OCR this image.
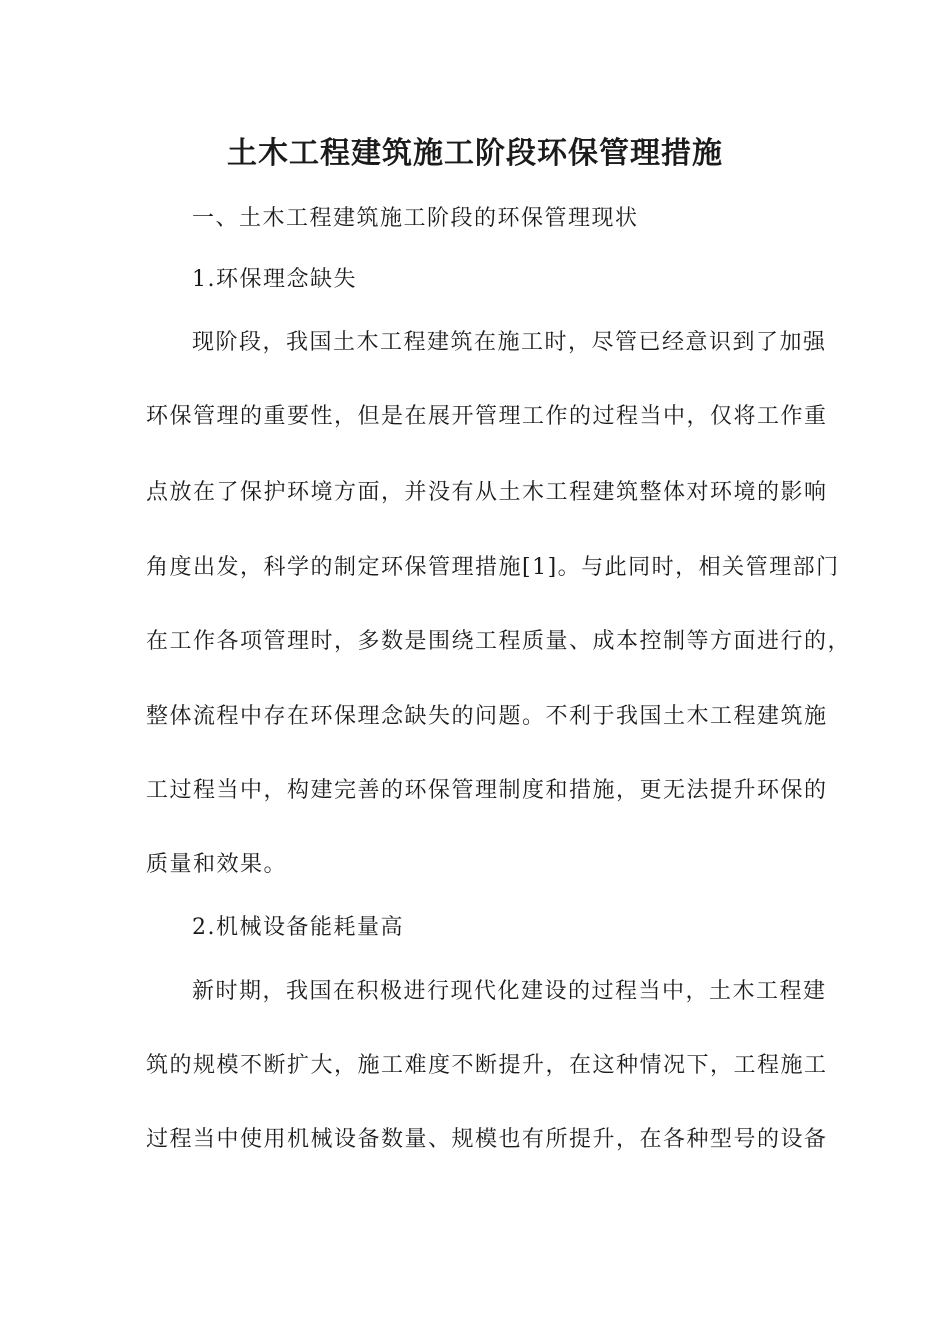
土木工程建筑施工阶段环保管理措施
一、土木工程建筑施工阶段的环保管理现状
1.环保理念缺失
现阶段，我国土木工程建筑在施工时，尽管已经意识到了加强
环保管理的重要性，但是在展开管理工作的过程当中，仅将工作重
点放在了保护环境方面，并没有从土木工程建筑整体对环境的影响
角度出发，科学的制定环保管理措施[1]。与此同时，相关管理部门
在工作各项管理时，多数是围绕工程质量、成本控制等方面进行的，
整体流程中存在环保理念缺失的问题。不利于我国土木工程建筑施
工过程当中，构建完善的环保管理制度和措施，更无法提升环保的
质量和效果。
2.机械设备能耗量高
新时期，我国在积极进行现代化建设的过程当中，土木工程建
筑的规模不断扩大，施工难度不断提升，在这种情况下，工程施工
过程当中使用机械设备数量、规模也有所提升，在各种型号的设备
